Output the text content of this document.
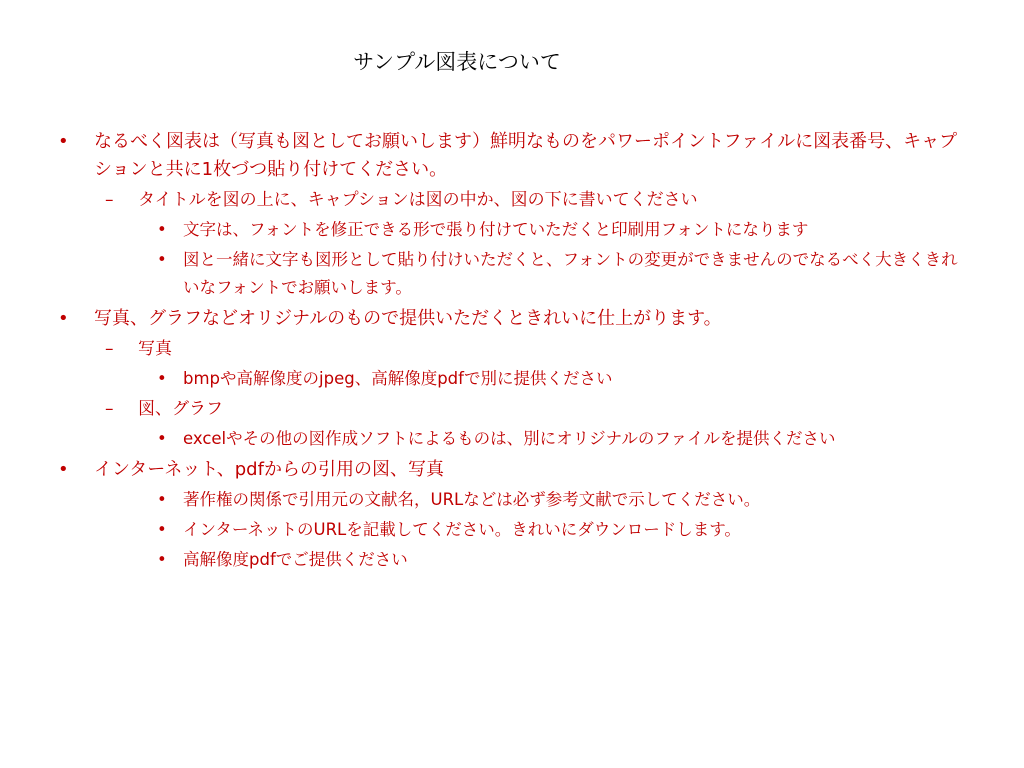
サンプル図表について
• なるべく図表は（写真も図としてお願いします）鮮明なものをパワーポイントファイルに図表番号、キャプションと共に1枚づつ貼り付けてください。
– タイトルを図の上に、キャプションは図の中か、図の下に書いてください
• 文字は、フォントを修正できる形で張り付けていただくと印刷用フォントになります
• 図と一緒に文字も図形として貼り付けいただくと、フォントの変更ができませんのでなるべく大きくきれいなフォントでお願いします。
• 写真、グラフなどオリジナルのもので提供いただくときれいに仕上がります。
– 写真
• bmpや高解像度のjpeg、高解像度pdfで別に提供ください
– 図、グラフ
• excelやその他の図作成ソフトによるものは、別にオリジナルのファイルを提供ください
• インターネット、pdfからの引用の図、写真
• 著作権の関係で引用元の文献名，URLなどは必ず参考文献で示してください。
• インターネットのURLを記載してください。きれいにダウンロードします。
• 高解像度pdfでご提供ください
